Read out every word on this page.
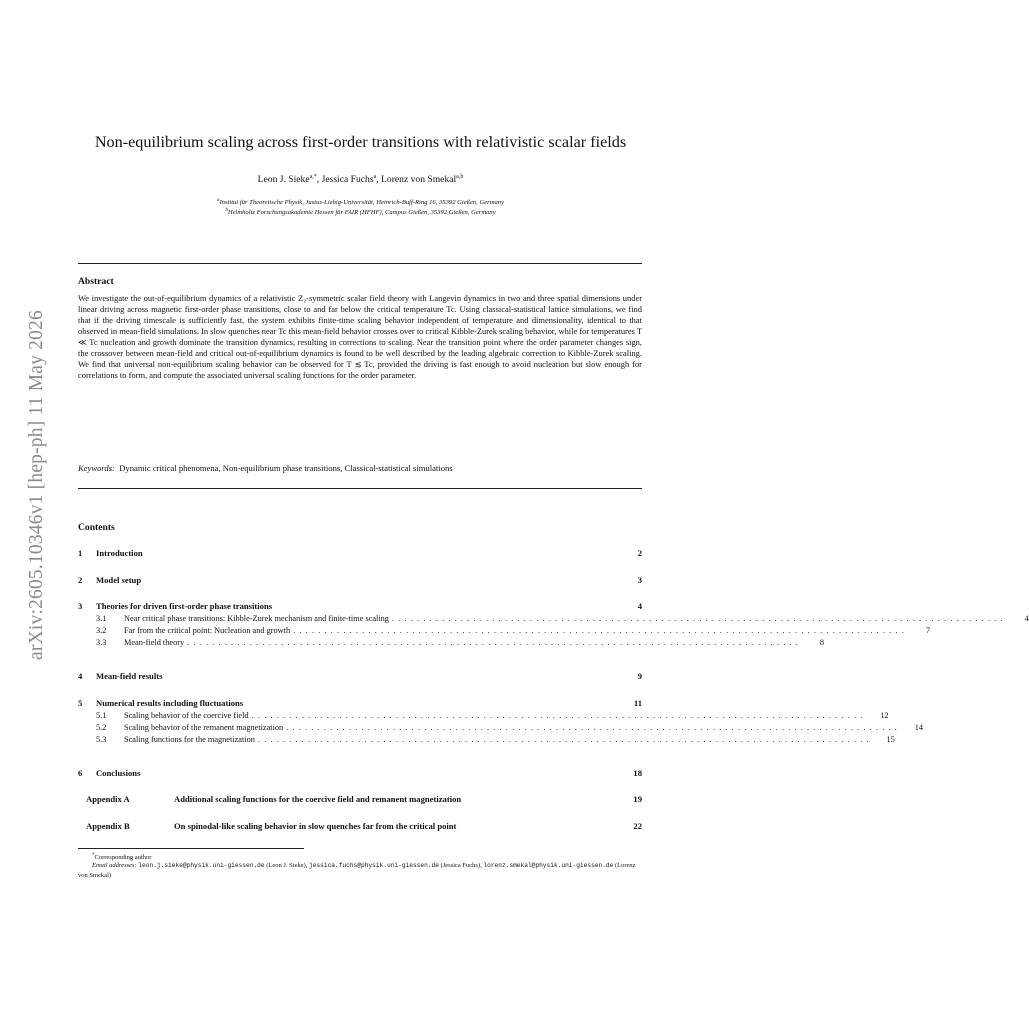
arXiv:2605.10346v1 [hep-ph] 11 May 2026
Non-equilibrium scaling across first-order transitions with relativistic scalar fields
Leon J. Sieke$^{a,*}$, Jessica Fuchs$^a$, Lorenz von Smekal$^{a,b}$
$^a$Institut für Theoretische Physik, Justus-Liebig-Universität, Heinrich-Buff-Ring 16, 35392 Gießen, Germany
$^b$Helmholtz Forschungsakademie Hessen für FAIR (HFHF), Campus Gießen, 35392 Gießen, Germany
Abstract
We investigate the out-of-equilibrium dynamics of a relativistic Z₂-symmetric scalar field theory with Langevin dynamics in two and three spatial dimensions under linear driving across magnetic first-order phase transitions, close to and far below the critical temperature Tc. Using classical-statistical lattice simulations, we find that if the driving timescale is sufficiently fast, the system exhibits finite-time scaling behavior independent of temperature and dimensionality, identical to that observed in mean-field simulations. In slow quenches near Tc this mean-field behavior crosses over to critical Kibble-Zurek scaling behavior, while for temperatures T ≪ Tc nucleation and growth dominate the transition dynamics, resulting in corrections to scaling. Near the transition point where the order parameter changes sign, the crossover between mean-field and critical out-of-equilibrium dynamics is found to be well described by the leading algebraic correction to Kibble-Zurek scaling. We find that universal non-equilibrium scaling behavior can be observed for T ≲ Tc, provided the driving is fast enough to avoid nucleation but slow enough for correlations to form, and compute the associated universal scaling functions for the order parameter.
Keywords: Dynamic critical phenomena, Non-equilibrium phase transitions, Classical-statistical simulations
Contents
1 Introduction	2
2 Model setup	3
3 Theories for driven first-order phase transitions	4
3.1	Near critical phase transitions: Kibble-Zurek mechanism and finite-time scaling ..................................................................................................	4
3.2	Far from the critical point: Nucleation and growth ..................................................................................................	7
3.3	Mean-field theory ..................................................................................................	8
4 Mean-field results	9
5 Numerical results including fluctuations	11
5.1	Scaling behavior of the coercive field ..................................................................................................	12
5.2	Scaling behavior of the remanent magnetization ..................................................................................................	14
5.3	Scaling functions for the magnetization ..................................................................................................	15
6 Conclusions	18
Appendix A	Additional scaling functions for the coercive field and remanent magnetization	19
Appendix B	On spinodal-like scaling behavior in slow quenches far from the critical point	22
*Corresponding author
Email addresses: leon.j.sieke@physik.uni-giessen.de (Leon J. Sieke), jessica.fuchs@physik.uni-giessen.de (Jessica Fuchs), lorenz.smekal@physik.uni-giessen.de (Lorenz von Smekal)
